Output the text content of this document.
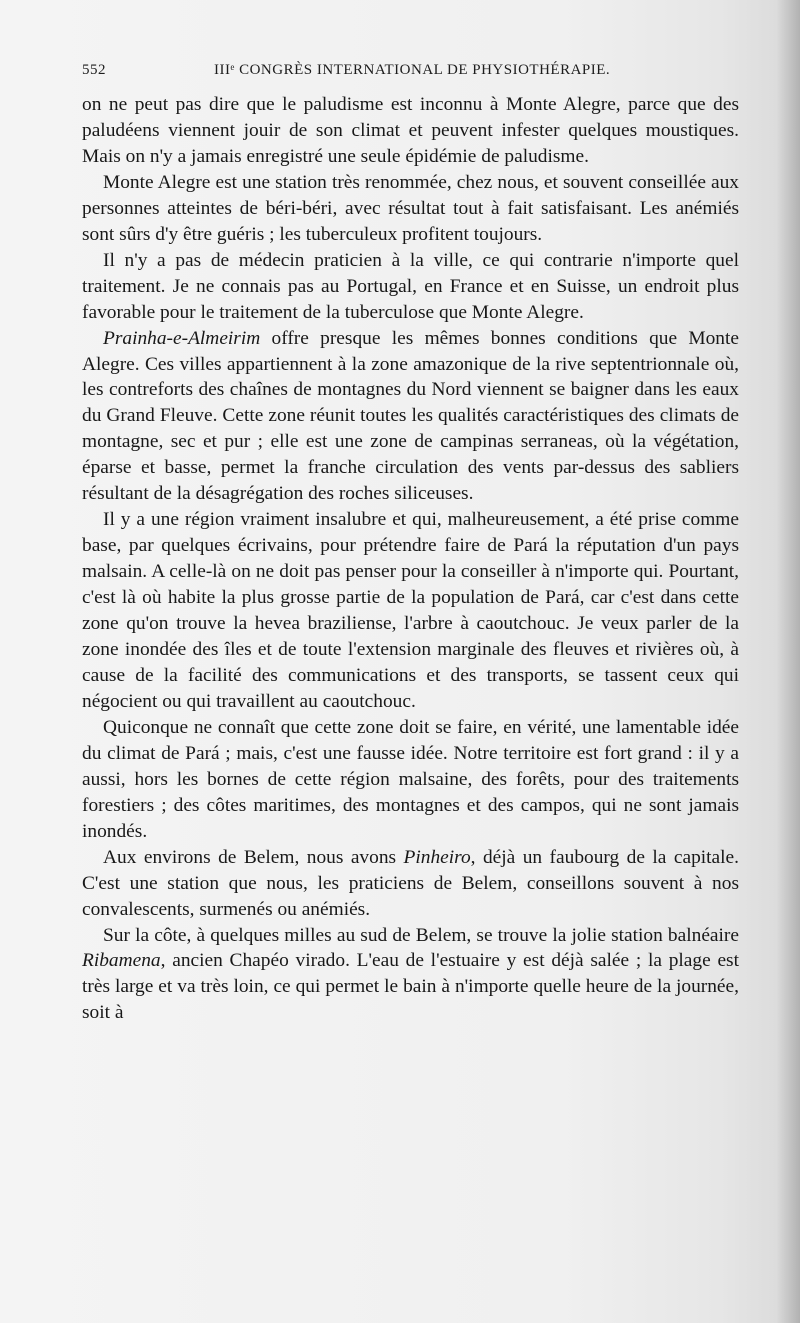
552	IIIᵉ CONGRÈS INTERNATIONAL DE PHYSIOTHÉRAPIE.

on ne peut pas dire que le paludisme est inconnu à Monte Alegre, parce que des paludéens viennent jouir de son climat et peuvent infester quelques moustiques. Mais on n'y a jamais enregistré une seule épidémie de paludisme.

Monte Alegre est une station très renommée, chez nous, et souvent conseillée aux personnes atteintes de béri-béri, avec résultat tout à fait satisfaisant. Les anémiés sont sûrs d'y être guéris ; les tuberculeux profitent toujours.

Il n'y a pas de médecin praticien à la ville, ce qui contrarie n'importe quel traitement. Je ne connais pas au Portugal, en France et en Suisse, un endroit plus favorable pour le traitement de la tuberculose que Monte Alegre.

Prainha-e-Almeirim offre presque les mêmes bonnes conditions que Monte Alegre. Ces villes appartiennent à la zone amazonique de la rive septentrionnale où, les contreforts des chaînes de montagnes du Nord viennent se baigner dans les eaux du Grand Fleuve. Cette zone réunit toutes les qualités caractéristiques des climats de montagne, sec et pur ; elle est une zone de campinas serraneas, où la végétation, éparse et basse, permet la franche circulation des vents par-dessus des sabliers résultant de la désagrégation des roches siliceuses.

Il y a une région vraiment insalubre et qui, malheureusement, a été prise comme base, par quelques écrivains, pour prétendre faire de Pará la réputation d'un pays malsain. A celle-là on ne doit pas penser pour la conseiller à n'importe qui. Pourtant, c'est là où habite la plus grosse partie de la population de Pará, car c'est dans cette zone qu'on trouve la hevea braziliense, l'arbre à caoutchouc. Je veux parler de la zone inondée des îles et de toute l'extension marginale des fleuves et rivières où, à cause de la facilité des communications et des transports, se tassent ceux qui négocient ou qui travaillent au caoutchouc.

Quiconque ne connaît que cette zone doit se faire, en vérité, une lamentable idée du climat de Pará ; mais, c'est une fausse idée. Notre territoire est fort grand : il y a aussi, hors les bornes de cette région malsaine, des forêts, pour des traitements forestiers ; des côtes maritimes, des montagnes et des campos, qui ne sont jamais inondés.

Aux environs de Belem, nous avons Pinheiro, déjà un faubourg de la capitale. C'est une station que nous, les praticiens de Belem, conseillons souvent à nos convalescents, surmenés ou anémiés.

Sur la côte, à quelques milles au sud de Belem, se trouve la jolie station balnéaire Ribamena, ancien Chapéo virado. L'eau de l'estuaire y est déjà salée ; la plage est très large et va très loin, ce qui permet le bain à n'importe quelle heure de la journée, soit à
